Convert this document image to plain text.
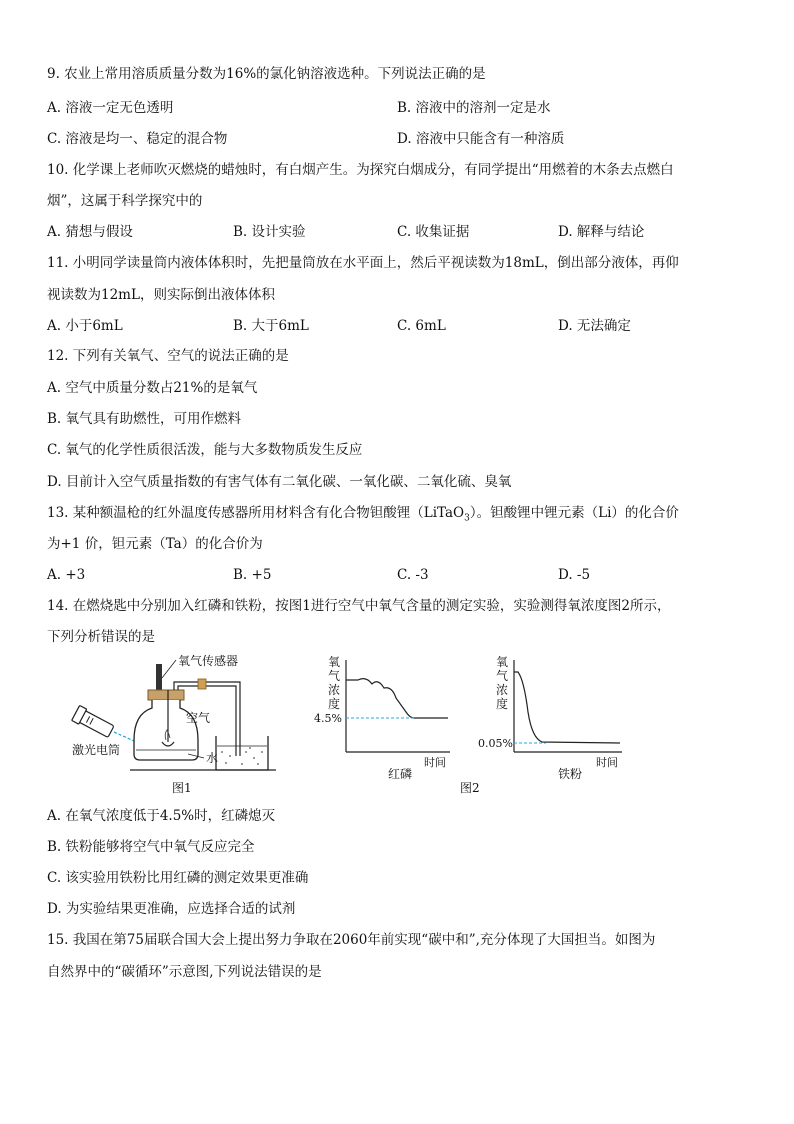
9. 农业上常用溶质质量分数为16%的氯化钠溶液选种。下列说法正确的是
A. 溶液一定无色透明	B. 溶液中的溶剂一定是水
C. 溶液是均一、稳定的混合物	D. 溶液中只能含有一种溶质
10. 化学课上老师吹灭燃烧的蜡烛时，有白烟产生。为探究白烟成分，有同学提出“用燃着的木条去点燃白
烟”，这属于科学探究中的
A. 猜想与假设	B. 设计实验	C. 收集证据	D. 解释与结论
11. 小明同学读量筒内液体体积时，先把量筒放在水平面上，然后平视读数为18mL，倒出部分液体，再仰
视读数为12mL，则实际倒出液体体积
A. 小于6mL	B. 大于6mL	C. 6mL	D. 无法确定
12. 下列有关氧气、空气的说法正确的是
A. 空气中质量分数占21%的是氧气
B. 氧气具有助燃性，可用作燃料
C. 氧气的化学性质很活泼，能与大多数物质发生反应
D. 目前计入空气质量指数的有害气体有二氧化碳、一氧化碳、二氧化硫、臭氧
13. 某种额温枪的红外温度传感器所用材料含有化合物钽酸锂（LiTaO$_3$）。钽酸锂中锂元素（Li）的化合价
为+1 价，钽元素（Ta）的化合价为
A. +3	B. +5	C. -3	D. -5
14. 在燃烧匙中分别加入红磷和铁粉，按图1进行空气中氧气含量的测定实验，实验测得氧浓度图2所示，
下列分析错误的是
激光电筒
氧气传感器
空气
水
图1
氧
气
浓
度
4.5%
时间
红磷
氧
气
浓
度
0.05%
时间
铁粉
图2
A. 在氧气浓度低于4.5%时，红磷熄灭
B. 铁粉能够将空气中氧气反应完全
C. 该实验用铁粉比用红磷的测定效果更准确
D. 为实验结果更准确，应选择合适的试剂
15. 我国在第75届联合国大会上提出努力争取在2060年前实现“碳中和”,充分体现了大国担当。如图为
自然界中的“碳循环”示意图,下列说法错误的是
